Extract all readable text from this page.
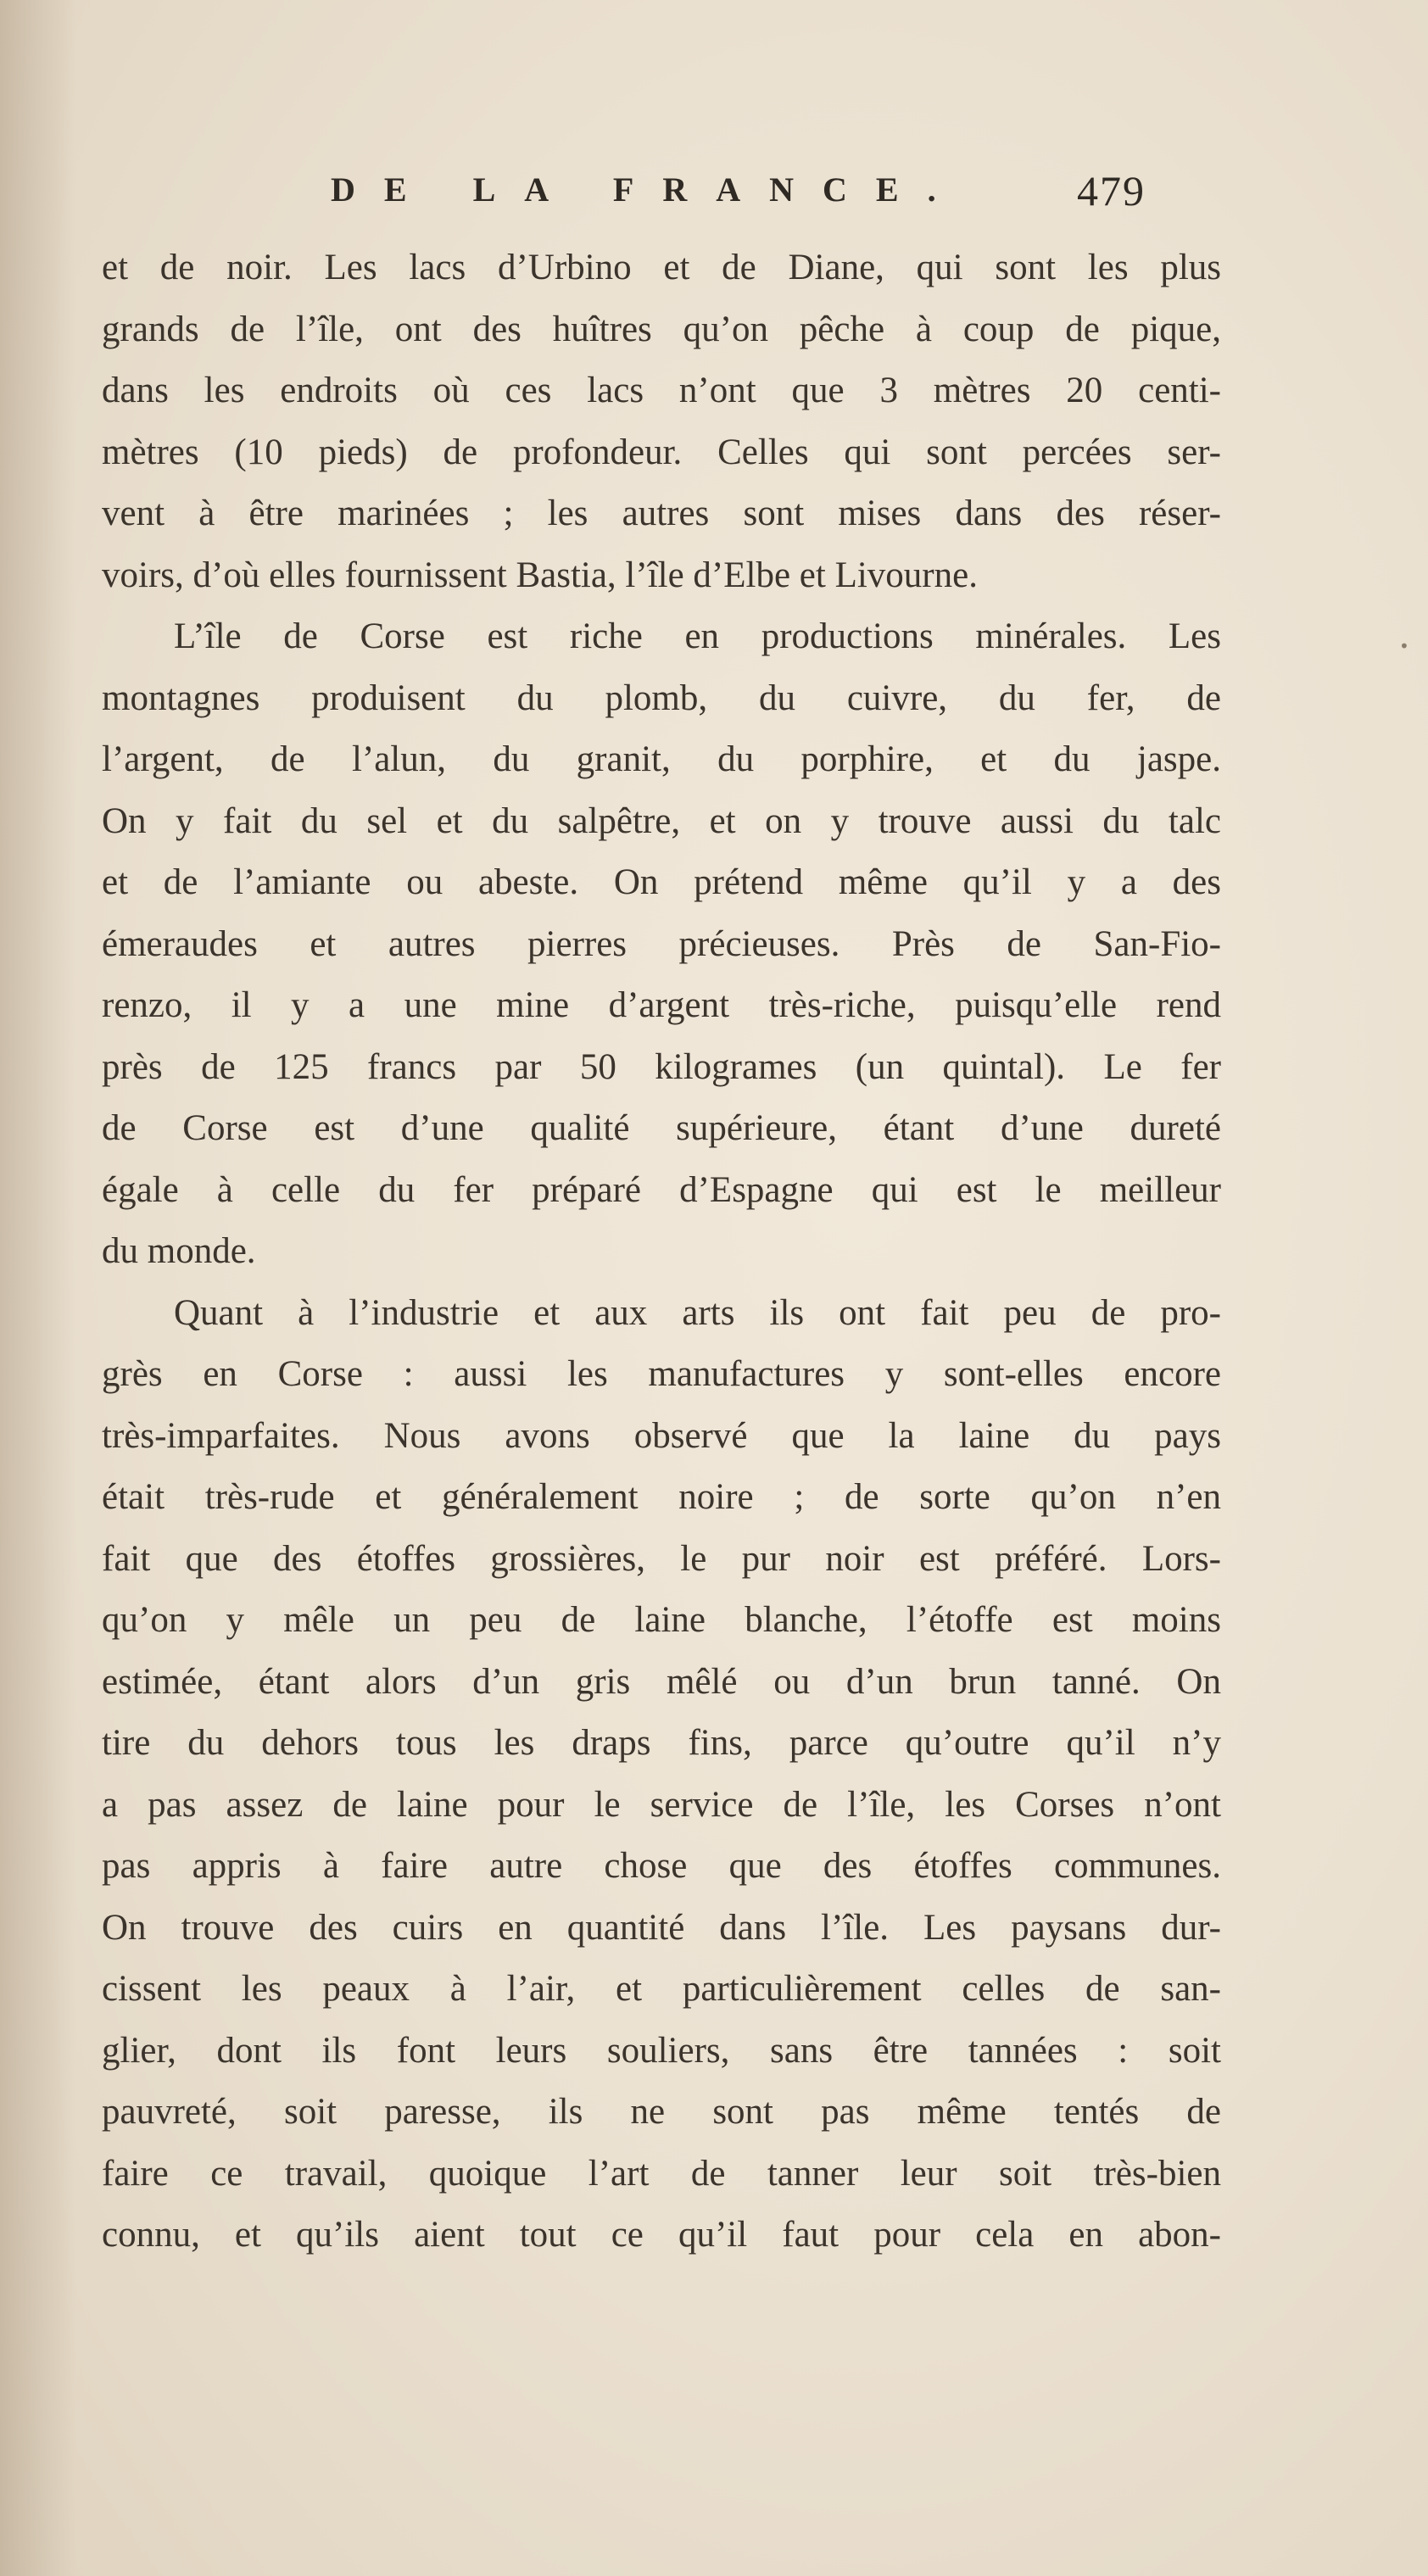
DE LA FRANCE.	479
et de noir. Les lacs d’Urbino et de Diane, qui sont les plus
grands de l’île, ont des huîtres qu’on pêche à coup de pique,
dans les endroits où ces lacs n’ont que 3 mètres 20 centi-
mètres (10 pieds) de profondeur. Celles qui sont percées ser-
vent à être marinées ; les autres sont mises dans des réser-
voirs, d’où elles fournissent Bastia, l’île d’Elbe et Livourne.
L’île de Corse est riche en productions minérales. Les
montagnes produisent du plomb, du cuivre, du fer, de
l’argent, de l’alun, du granit, du porphire, et du jaspe.
On y fait du sel et du salpêtre, et on y trouve aussi du talc
et de l’amiante ou abeste. On prétend même qu’il y a des
émeraudes et autres pierres précieuses. Près de San-Fio-
renzo, il y a une mine d’argent très-riche, puisqu’elle rend
près de 125 francs par 50 kilogrames (un quintal). Le fer
de Corse est d’une qualité supérieure, étant d’une dureté
égale à celle du fer préparé d’Espagne qui est le meilleur
du monde.
Quant à l’industrie et aux arts ils ont fait peu de pro-
grès en Corse : aussi les manufactures y sont-elles encore
très-imparfaites. Nous avons observé que la laine du pays
était très-rude et généralement noire ; de sorte qu’on n’en
fait que des étoffes grossières, le pur noir est préféré. Lors-
qu’on y mêle un peu de laine blanche, l’étoffe est moins
estimée, étant alors d’un gris mêlé ou d’un brun tanné. On
tire du dehors tous les draps fins, parce qu’outre qu’il n’y
a pas assez de laine pour le service de l’île, les Corses n’ont
pas appris à faire autre chose que des étoffes communes.
On trouve des cuirs en quantité dans l’île. Les paysans dur-
cissent les peaux à l’air, et particulièrement celles de san-
glier, dont ils font leurs souliers, sans être tannées : soit
pauvreté, soit paresse, ils ne sont pas même tentés de
faire ce travail, quoique l’art de tanner leur soit très-bien
connu, et qu’ils aient tout ce qu’il faut pour cela en abon-
•
